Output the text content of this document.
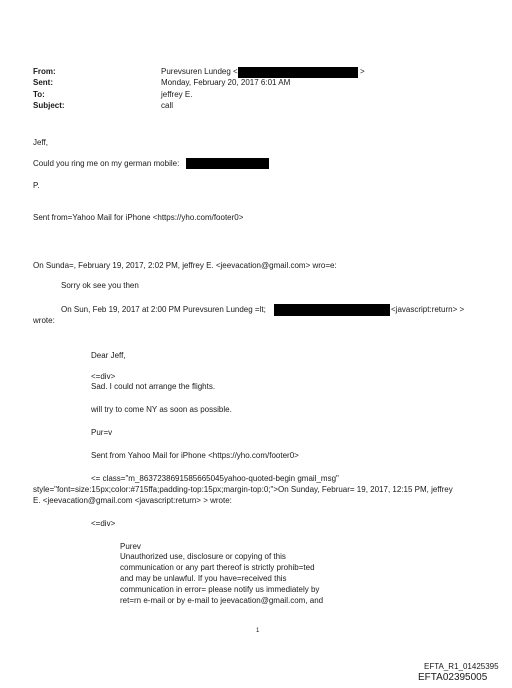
From:
Sent:
To:
Subject:
Purevsuren Lundeg <	>
Monday, February 20, 2017 6:01 AM
jeffrey E.
call
Jeff,
Could you ring me on my german mobile:
P.
Sent from=Yahoo Mail for iPhone <https://yho.com/footer0>
On Sunda=, February 19, 2017, 2:02 PM, jeffrey E. <jeevacation@gmail.com> wro=e:
Sorry ok see you then
On Sun, Feb 19, 2017 at 2:00 PM Purevsuren Lundeg =lt;	<javascript:return> >
wrote:
Dear Jeff,
<=div>
Sad. I could not arrange the flights.
will try to come NY as soon as possible.
Pur=v
Sent from Yahoo Mail for iPhone <https://yho.com/footer0>
<= class="m_8637238691585665045yahoo-quoted-begin gmail_msg"
style="font=size:15px;color:#715ffa;padding-top:15px;margin-top:0;">On Sunday, Februar= 19, 2017, 12:15 PM, jeffrey
E. <jeevacation@gmail.com <javascript:return> > wrote:
<=div>
Purev
Unauthorized use, disclosure or copying of this
communication or any part thereof is strictly prohib=ted
and may be unlawful. If you have=received this
communication in error= please notify us immediately by
ret=rn e-mail or by e-mail to jeevacation@gmail.com, and
1
EFTA_R1_01425395
EFTA02395005
